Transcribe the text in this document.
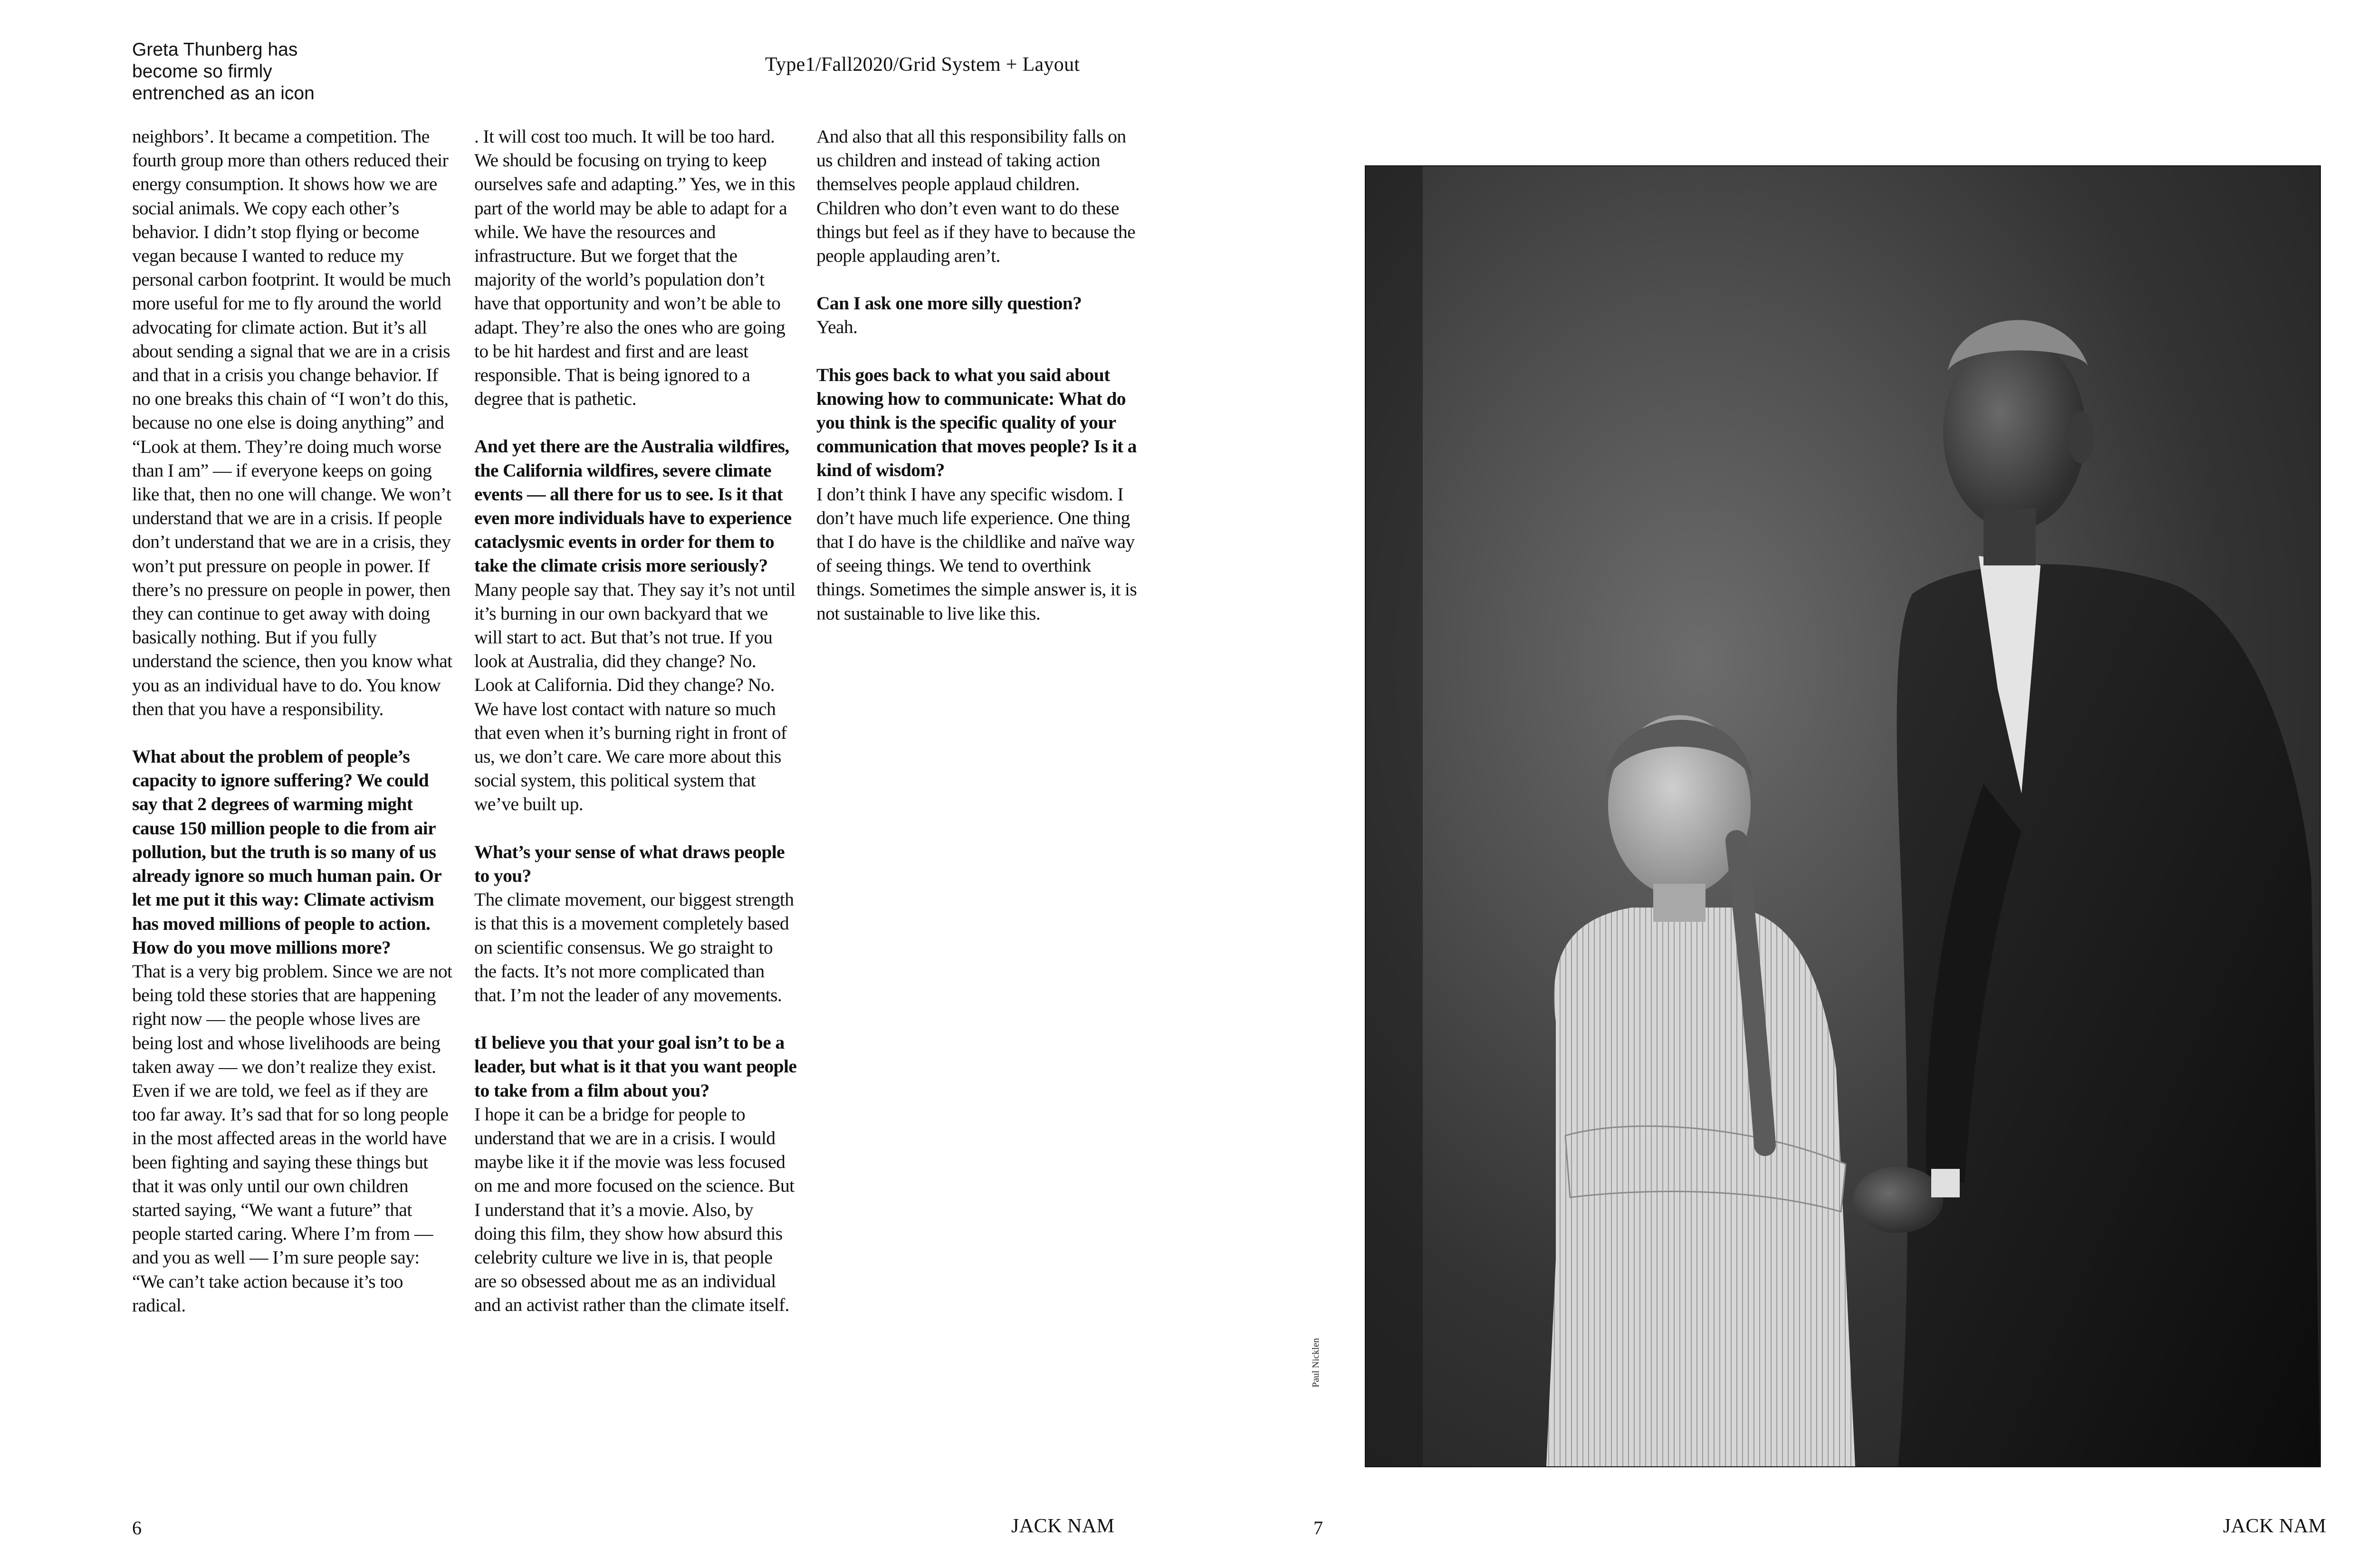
Greta Thunberg has become so firmly entrenched as an icon
Type1/Fall2020/Grid System + Layout

neighbors’. It became a competition. The fourth group more than others reduced their energy consumption. It shows how we are social animals. We copy each other’s behavior. I didn’t stop flying or become vegan because I wanted to reduce my personal carbon footprint. It would be much more useful for me to fly around the world advocating for climate action. But it’s all about sending a signal that we are in a crisis and that in a crisis you change behavior. If no one breaks this chain of “I won’t do this, because no one else is doing anything” and “Look at them. They’re doing much worse than I am” — if everyone keeps on going like that, then no one will change. We won’t understand that we are in a crisis. If people don’t understand that we are in a crisis, they won’t put pressure on people in power. If there’s no pressure on people in power, then they can continue to get away with doing basically nothing. But if you fully understand the science, then you know what you as an individual have to do. You know then that you have a responsibility.

What about the problem of people’s capacity to ignore suffering? We could say that 2 degrees of warming might cause 150 million people to die from air pollution, but the truth is so many of us already ignore so much human pain. Or let me put it this way: Climate activism has moved millions of people to action. How do you move millions more?

That is a very big problem. Since we are not being told these stories that are happening right now — the people whose lives are being lost and whose livelihoods are being taken away — we don’t realize they exist. Even if we are told, we feel as if they are too far away. It’s sad that for so long people in the most affected areas in the world have been fighting and saying these things but that it was only until our own children started saying, “We want a future” that people started caring. Where I’m from — and you as well — I’m sure people say: “We can’t take action because it’s too radical.

. It will cost too much. It will be too hard. We should be focusing on trying to keep ourselves safe and adapting.” Yes, we in this part of the world may be able to adapt for a while. We have the resources and infrastructure. But we forget that the majority of the world’s population don’t have that opportunity and won’t be able to adapt. They’re also the ones who are going to be hit hardest and first and are least responsible. That is being ignored to a degree that is pathetic.

And yet there are the Australia wildfires, the California wildfires, severe climate events — all there for us to see. Is it that even more individuals have to experience cataclysmic events in order for them to take the climate crisis more seriously?

Many people say that. They say it’s not until it’s burning in our own backyard that we will start to act. But that’s not true. If you look at Australia, did they change? No. Look at California. Did they change? No. We have lost contact with nature so much that even when it’s burning right in front of us, we don’t care. We care more about this social system, this political system that we’ve built up.

What’s your sense of what draws people to you?

The climate movement, our biggest strength is that this is a movement completely based on scientific consensus. We go straight to the facts. It’s not more complicated than that. I’m not the leader of any movements.

tI believe you that your goal isn’t to be a leader, but what is it that you want people to take from a film about you?

I hope it can be a bridge for people to understand that we are in a crisis. I would maybe like it if the movie was less focused on me and more focused on the science. But I understand that it’s a movie. Also, by doing this film, they show how absurd this celebrity culture we live in is, that people are so obsessed about me as an individual and an activist rather than the climate itself.

And also that all this responsibility falls on us children and instead of taking action themselves people applaud children. Children who don’t even want to do these things but feel as if they have to because the people applauding aren’t.

Can I ask one more silly question?

Yeah.

This goes back to what you said about knowing how to communicate: What do you think is the specific quality of your communication that moves people? Is it a kind of wisdom?

I don’t think I have any specific wisdom. I don’t have much life experience. One thing that I do have is the childlike and naïve way of seeing things. We tend to overthink things. Sometimes the simple answer is, it is not sustainable to live like this.

Paul Nicklen
6	JACK NAM	7	JACK NAM
